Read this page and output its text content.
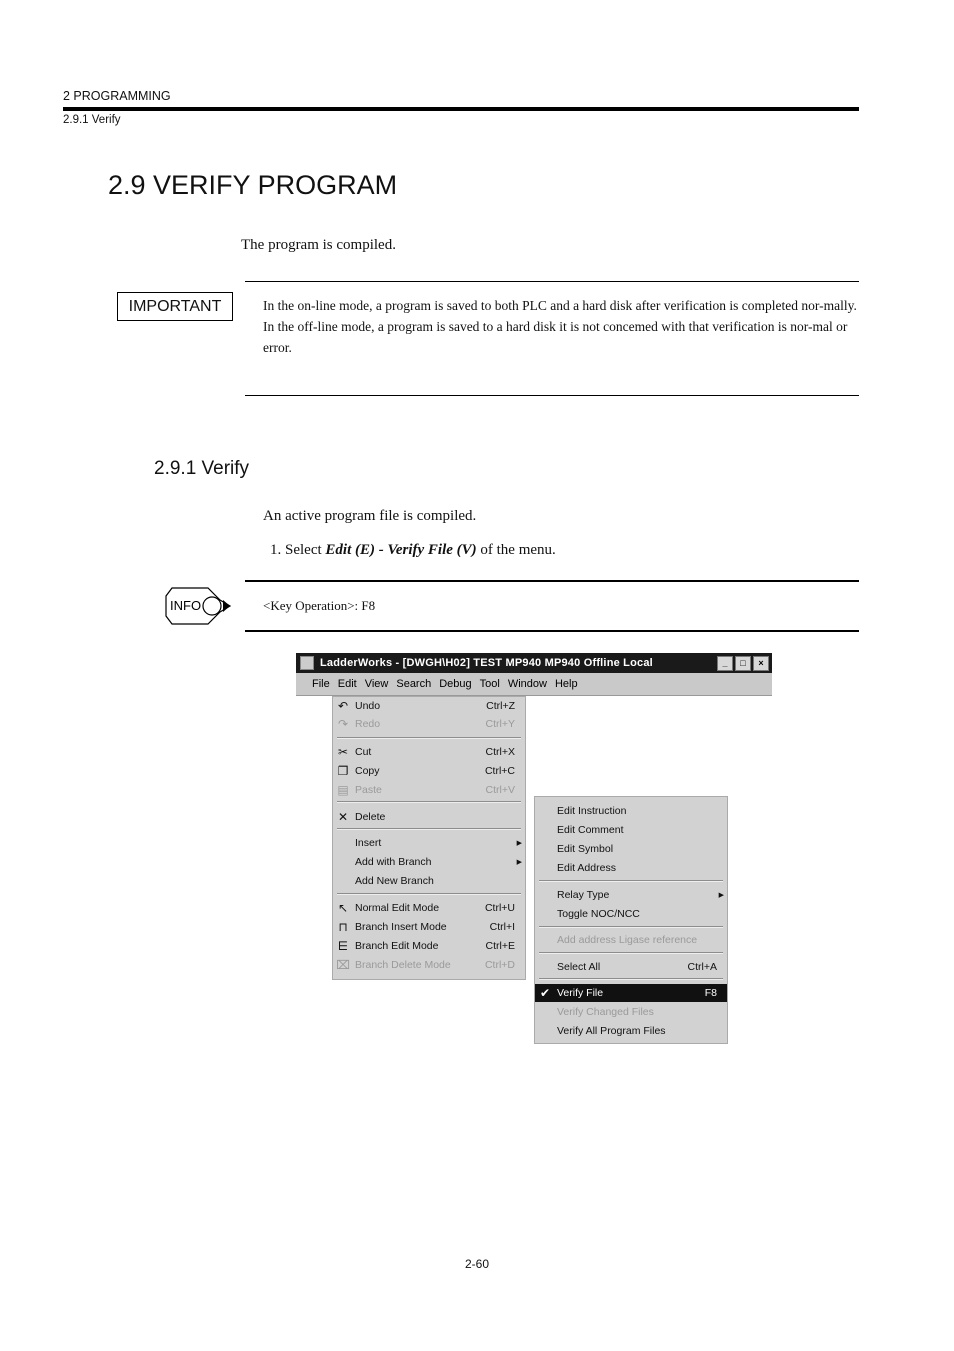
2 PROGRAMMING
2.9.1 Verify
2.9 VERIFY PROGRAM
The program is compiled.
IMPORTANT	In the on-line mode, a program is saved to both PLC and a hard disk after verification is completed nor-mally.

In the off-line mode, a program is saved to a hard disk it is not concemed with that verification is nor-mal or error.

2.9.1 Verify
An active program file is compiled.
1. Select Edit (E) - Verify File (V) of the menu.
INFO	<Key Operation>: F8
LadderWorks - [DWGH\H02] TEST MP940 MP940 Offline Local	_	□	×
File Edit View Search Debug Tool Window Help
↶ Undo	Ctrl+Z
↷ Redo	Ctrl+Y
✂ Cut	Ctrl+X
❐ Copy	Ctrl+C
▤ Paste	Ctrl+V
✕ Delete
Insert	▶
Add with Branch	▶
Add New Branch
↖ Normal Edit Mode	Ctrl+U
⊓ Branch Insert Mode	Ctrl+I
⋿ Branch Edit Mode	Ctrl+E
⌧ Branch Delete Mode	Ctrl+D
Edit Instruction
Edit Comment
Edit Symbol
Edit Address
Relay Type	▶
Toggle NOC/NCC
Add address Ligase reference
Select All	Ctrl+A
✔ Verify File	F8
Verify Changed Files
Verify All Program Files
2-60
